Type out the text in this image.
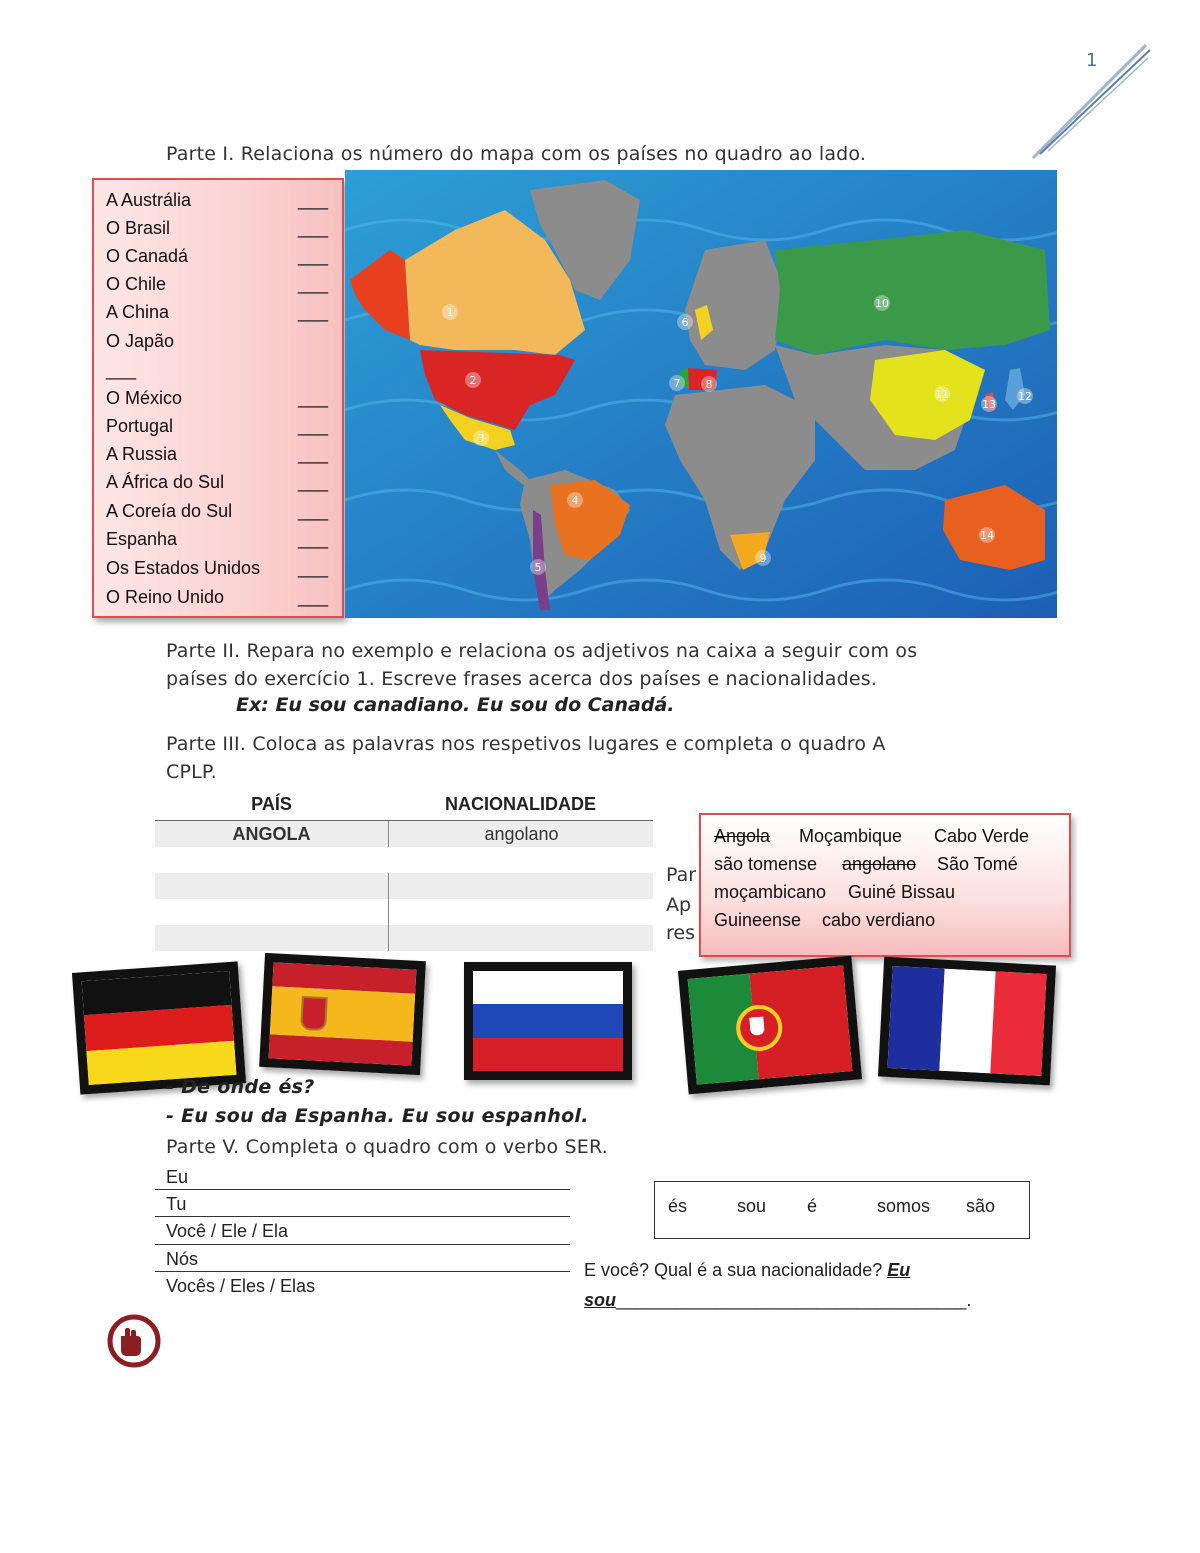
1
Parte I. Relaciona os número do mapa com os países no quadro ao lado.
A Austrália	___
O Brasil	___
O Canadá	___
O Chile	___
A China	___
O Japão
___
O México	___
Portugal	___
A Russia	___
A África do Sul	___
A Coreía do Sul	___
Espanha	___
Os Estados Unidos ___
O Reino Unido	___
1
2
3
4
5
6
7 8
9
10
11	12
13
14
Parte II. Repara no exemplo e relaciona os adjetivos na caixa a seguir com os
países do exercício 1. Escreve frases acerca dos países e nacionalidades.
Ex: Eu sou canadiano. Eu sou do Canadá.
Parte III. Coloca as palavras nos respetivos lugares e completa o quadro A
CPLP.
PAÍS	NACIONALIDADE
ANGOLA	angolano
Par
Ap
res
Angola Moçambique Cabo Verde
são tomense angolano São Tomé
moçambicano Guiné Bissau
Guineense cabo verdiano
- De onde és?
- Eu sou da Espanha. Eu sou espanhol.
Parte V. Completa o quadro com o verbo SER.
Eu
Tu
Você / Ele / Ela
Nós
Vocês / Eles / Elas
és	sou é	somos são
E você? Qual é a sua nacionalidade? Eu
sou___________________________________.
